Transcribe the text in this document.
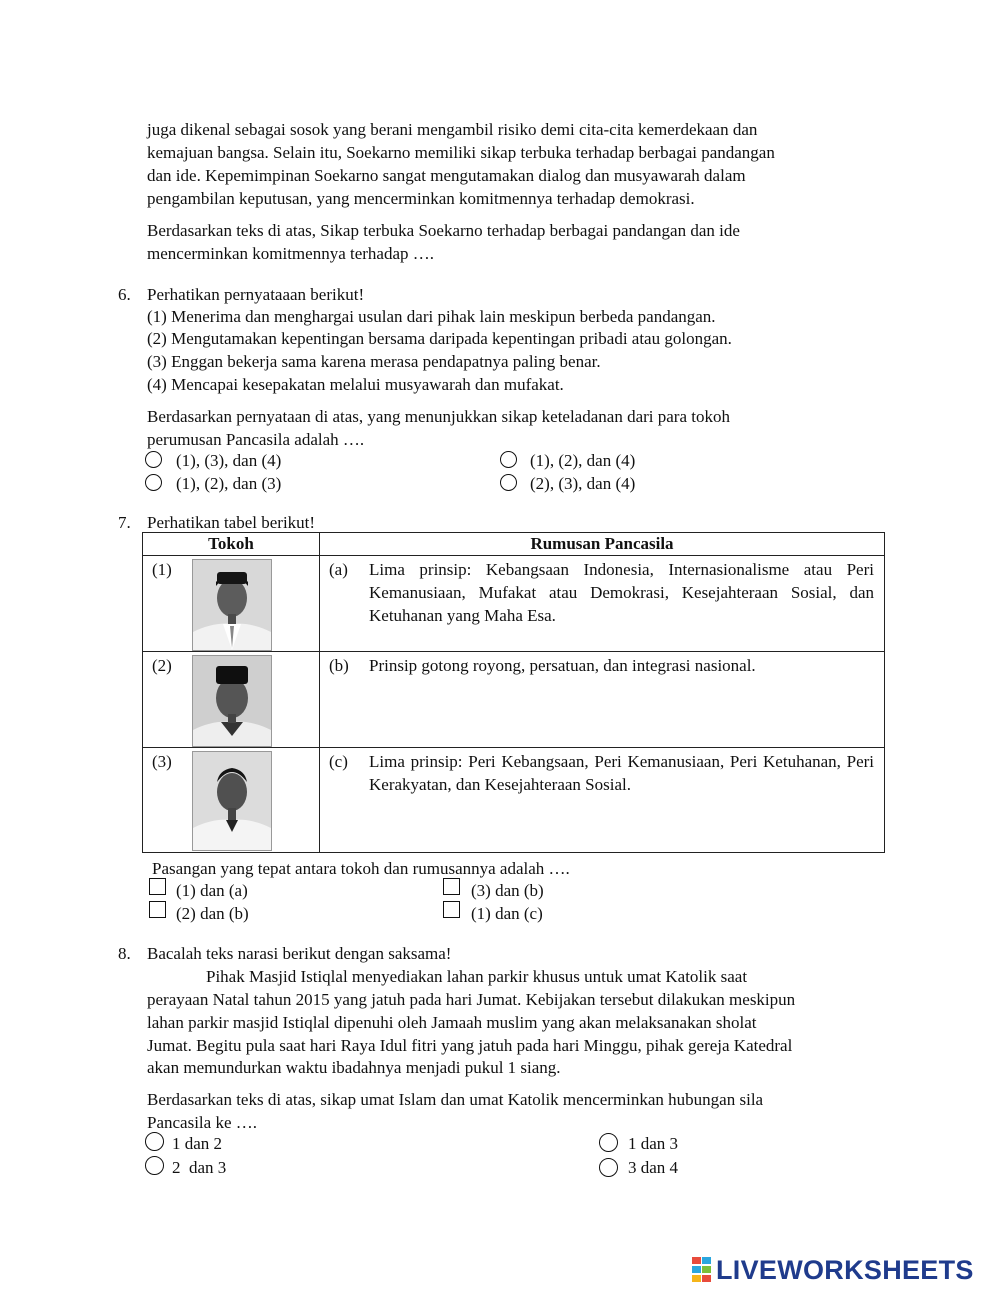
juga dikenal sebagai sosok yang berani mengambil risiko demi cita-cita kemerdekaan dan
kemajuan bangsa. Selain itu, Soekarno memiliki sikap terbuka terhadap berbagai pandangan
dan ide. Kepemimpinan Soekarno sangat mengutamakan dialog dan musyawarah dalam
pengambilan keputusan, yang mencerminkan komitmennya terhadap demokrasi.
Berdasarkan teks di atas, Sikap terbuka Soekarno terhadap berbagai pandangan dan ide
mencerminkan komitmennya terhadap ….
6. Perhatikan pernyataaan berikut!
(1) Menerima dan menghargai usulan dari pihak lain meskipun berbeda pandangan.
(2) Mengutamakan kepentingan bersama daripada kepentingan pribadi atau golongan.
(3) Enggan bekerja sama karena merasa pendapatnya paling benar.
(4) Mencapai kesepakatan melalui musyawarah dan mufakat.
Berdasarkan pernyataan di atas, yang menunjukkan sikap keteladanan dari para tokoh
perumusan Pancasila adalah ….
(1), (3), dan (4)	(1), (2), dan (4)
(1), (2), dan (3)	(2), (3), dan (4)
7. Perhatikan tabel berikut!
Tokoh	Rumusan Pancasila

(1)	(a) Lima prinsip: Kebangsaan Indonesia, Internasionalisme atau Peri Kemanusiaan, Mufakat atau Demokrasi, Kesejahteraan Sosial, dan Ketuhanan yang Maha Esa.

(2)	(b) Prinsip gotong royong, persatuan, dan integrasi nasional.

(3)	(c) Lima prinsip: Peri Kebangsaan, Peri Kemanusiaan, Peri Ketuhanan, Peri Kerakyatan, dan Kesejahteraan Sosial.
Pasangan yang tepat antara tokoh dan rumusannya adalah ….
(1) dan (a)	(3) dan (b)
(2) dan (b)	(1) dan (c)
8. Bacalah teks narasi berikut dengan saksama!
Pihak Masjid Istiqlal menyediakan lahan parkir khusus untuk umat Katolik saat
perayaan Natal tahun 2015 yang jatuh pada hari Jumat. Kebijakan tersebut dilakukan meskipun
lahan parkir masjid Istiqlal dipenuhi oleh Jamaah muslim yang akan melaksanakan sholat
Jumat. Begitu pula saat hari Raya Idul fitri yang jatuh pada hari Minggu, pihak gereja Katedral
akan memundurkan waktu ibadahnya menjadi pukul 1 siang.
Berdasarkan teks di atas, sikap umat Islam dan umat Katolik mencerminkan hubungan sila
Pancasila ke ….
1 dan 2	1 dan 3
2  dan 3	3 dan 4
LIVEWORKSHEETS
